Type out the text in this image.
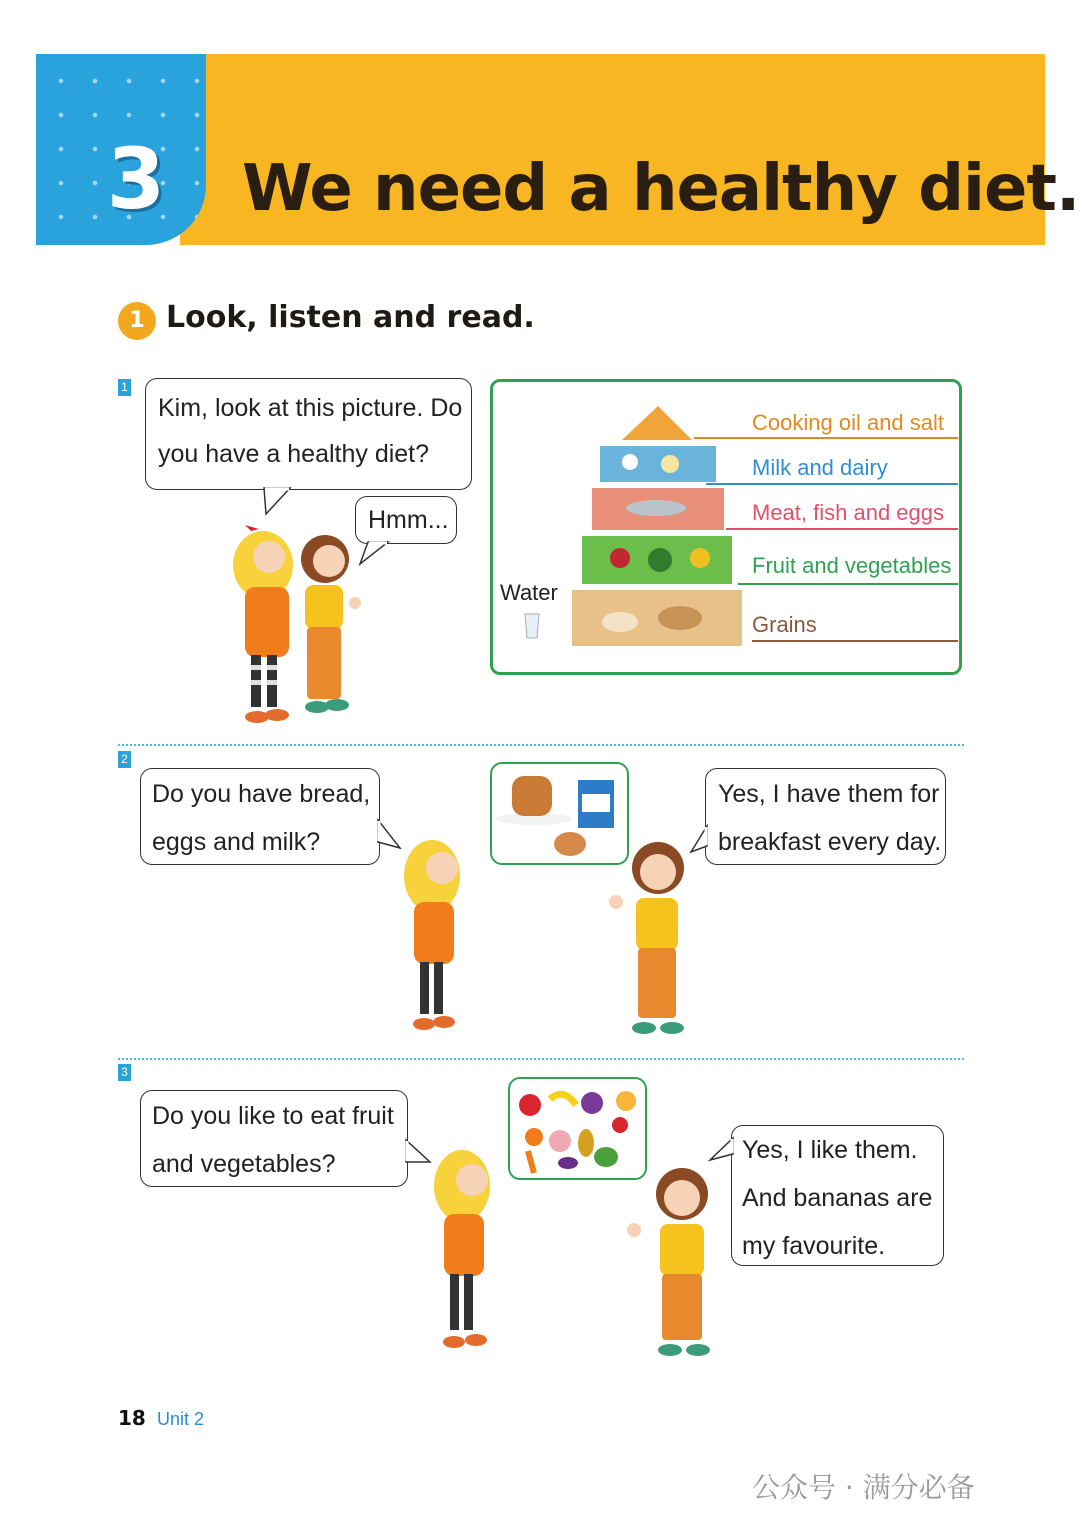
3	We need a healthy diet.
1 Look, listen and read.
1
Kim, look at this picture. Do
you have a healthy diet?
Hmm...
Cooking oil and salt
Milk and dairy
Meat, fish and eggs
Fruit and vegetables
Grains
Water
2
Do you have bread,
eggs and milk?
Yes, I have them for
breakfast every day.
3
Do you like to eat fruit
and vegetables?	Yes, I like them.
And bananas are
my favourite.
18 Unit 2
公众号 · 满分必备
